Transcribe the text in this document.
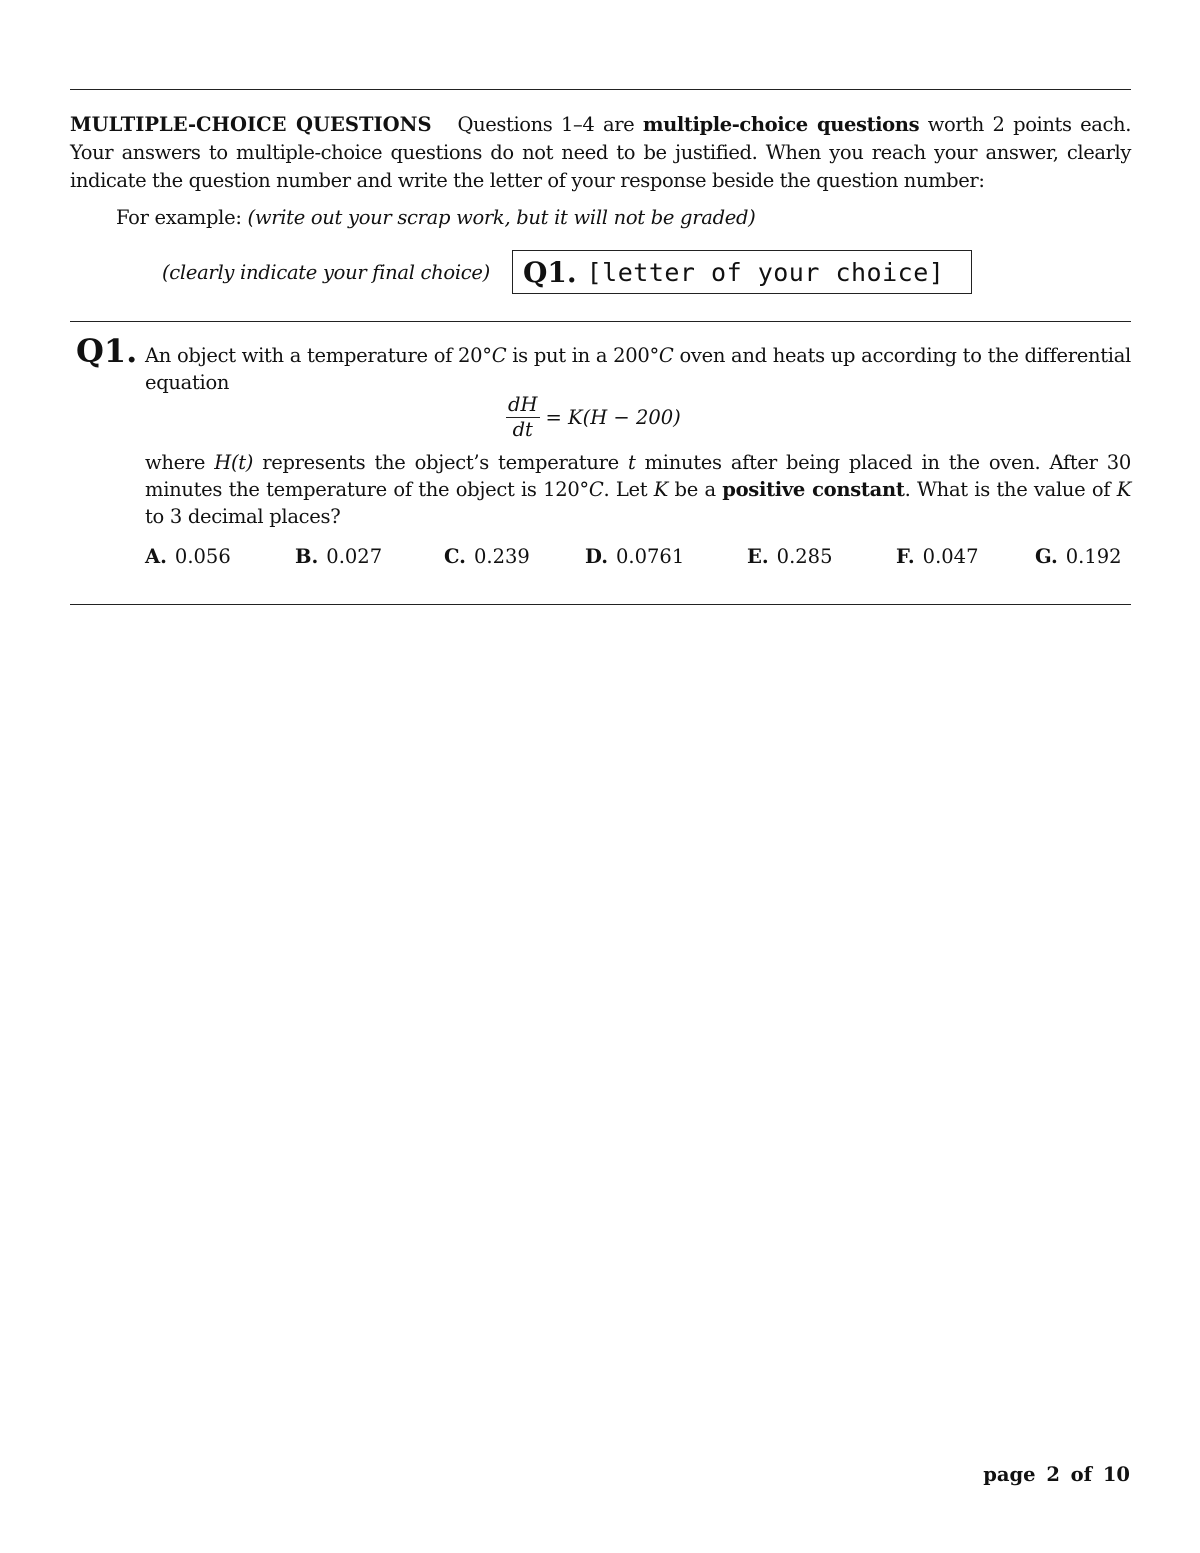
MULTIPLE-CHOICE QUESTIONS Questions 1–4 are multiple-choice questions worth 2 points each. Your answers to multiple-choice questions do not need to be justified. When you reach your answer, clearly indicate the question number and write the letter of your response beside the question number:
For example: (write out your scrap work, but it will not be graded)
(clearly indicate your final choice) Q1. [letter of your choice]
Q1. An object with a temperature of 20°C is put in a 200°C oven and heats up according to the differential equation
$\frac{dH}{dt} = K(H - 200)$
where H(t) represents the object’s temperature t minutes after being placed in the oven. After 30 minutes the temperature of the object is 120°C. Let K be a positive constant. What is the value of K to 3 decimal places?
A. 0.056	B. 0.027	C. 0.239	D. 0.0761	E. 0.285	F. 0.047	G. 0.192
page 2 of 10
